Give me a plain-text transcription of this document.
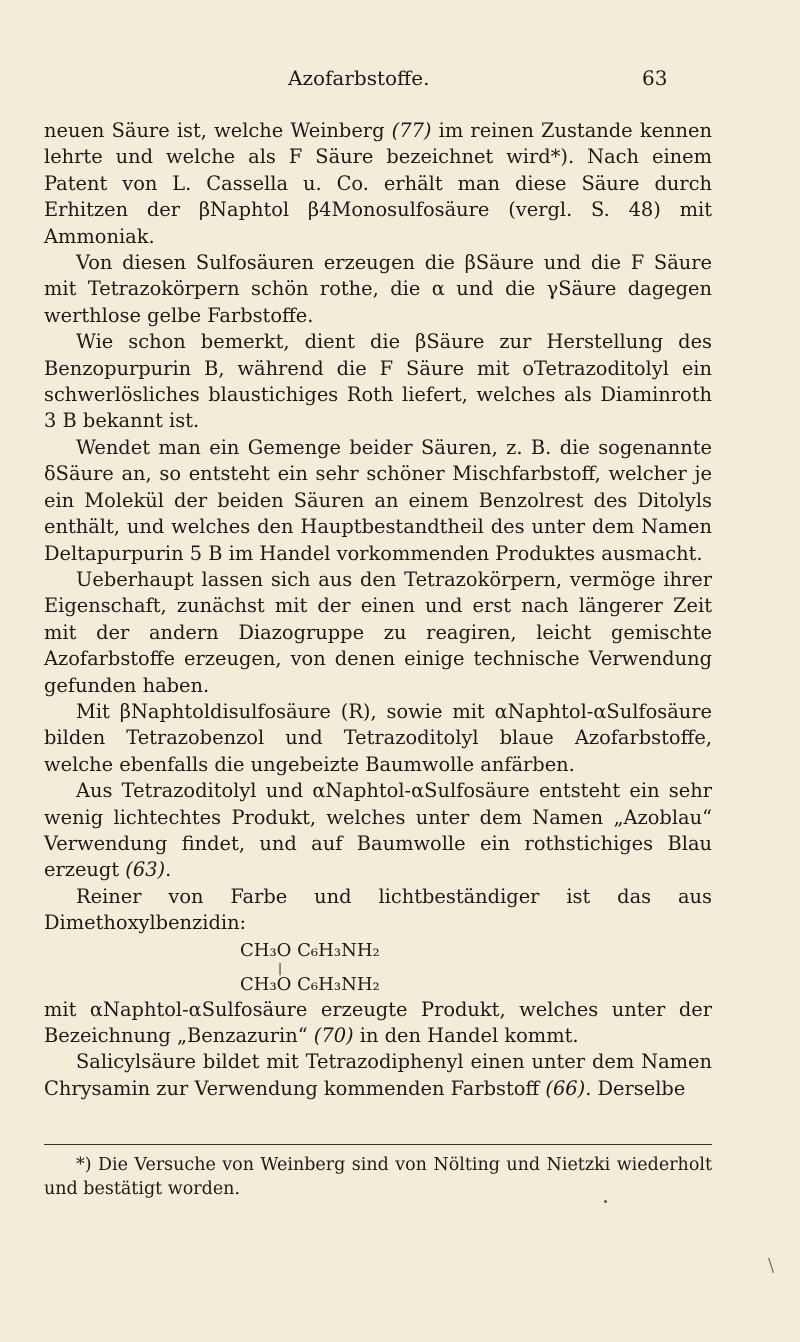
Azofarbstoffe.	63

neuen Säure ist, welche Weinberg (77) im reinen Zustande kennen lehrte und welche als F Säure bezeichnet wird*). Nach einem Patent von L. Cassella u. Co. erhält man diese Säure durch Erhitzen der βNaphtol β4Monosulfosäure (vergl. S. 48) mit Ammoniak.

Von diesen Sulfosäuren erzeugen die βSäure und die F Säure mit Tetrazokörpern schön rothe, die α und die γSäure dagegen werthlose gelbe Farbstoffe.

Wie schon bemerkt, dient die βSäure zur Herstellung des Benzopurpurin B, während die F Säure mit oTetrazoditolyl ein schwerlösliches blaustichiges Roth liefert, welches als Diaminroth 3 B bekannt ist.

Wendet man ein Gemenge beider Säuren, z. B. die sogenannte δSäure an, so entsteht ein sehr schöner Mischfarbstoff, welcher je ein Molekül der beiden Säuren an einem Benzolrest des Ditolyls enthält, und welches den Hauptbestandtheil des unter dem Namen Deltapurpurin 5 B im Handel vorkommenden Produktes ausmacht.

Ueberhaupt lassen sich aus den Tetrazokörpern, vermöge ihrer Eigenschaft, zunächst mit der einen und erst nach längerer Zeit mit der andern Diazogruppe zu reagiren, leicht gemischte Azofarbstoffe erzeugen, von denen einige technische Verwendung gefunden haben.

Mit βNaphtoldisulfosäure (R), sowie mit αNaphtol-αSulfosäure bilden Tetrazobenzol und Tetrazoditolyl blaue Azofarbstoffe, welche ebenfalls die ungebeizte Baumwolle anfärben.

Aus Tetrazoditolyl und αNaphtol-αSulfosäure entsteht ein sehr wenig lichtechtes Produkt, welches unter dem Namen „Azoblau“ Verwendung findet, und auf Baumwolle ein rothstichiges Blau erzeugt (63).

Reiner von Farbe und lichtbeständiger ist das aus Dimethoxylbenzidin:

CH₃O C₆H₃NH₂
|
CH₃O C₆H₃NH₂

mit αNaphtol-αSulfosäure erzeugte Produkt, welches unter der Bezeichnung „Benzazurin“ (70) in den Handel kommt.

Salicylsäure bildet mit Tetrazodiphenyl einen unter dem Namen Chrysamin zur Verwendung kommenden Farbstoff (66). Derselbe

*) Die Versuche von Weinberg sind von Nölting und Nietzki wiederholt und bestätigt worden.
\
